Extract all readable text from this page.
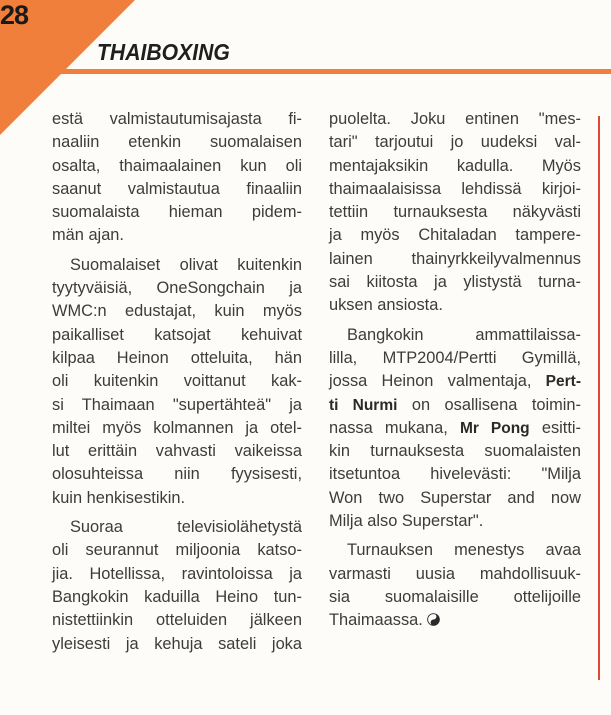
28
THAIBOXING
estä valmistautumisajasta fi-
naaliin etenkin suomalaisen
osalta, thaimaalainen kun oli
saanut valmistautua finaaliin
suomalaista hieman pidem-
män ajan.
Suomalaiset olivat kuitenkin
tyytyväisiä, OneSongchain ja
WMC:n edustajat, kuin myös
paikalliset katsojat kehuivat
kilpaa Heinon otteluita, hän
oli kuitenkin voittanut kak-
si Thaimaan "supertähteä" ja
miltei myös kolmannen ja otel-
lut erittäin vahvasti vaikeissa
olosuhteissa niin fyysisesti,
kuin henkisestikin.
Suoraa televisiolähetystä
oli seurannut miljoonia katso-
jia. Hotellissa, ravintoloissa ja
Bangkokin kaduilla Heino tun-
nistettiinkin otteluiden jälkeen
yleisesti ja kehuja sateli joka
puolelta. Joku entinen "mes-
tari" tarjoutui jo uudeksi val-
mentajaksikin kadulla. Myös
thaimaalaisissa lehdissä kirjoi-
tettiin turnauksesta näkyvästi
ja myös Chitaladan tampere-
lainen thainyrkkeilyvalmennus
sai kiitosta ja ylistystä turna-
uksen ansiosta.
Bangkokin ammattilaissa-
lilla, MTP2004/Pertti Gymillä,
jossa Heinon valmentaja, Pert-
ti Nurmi on osallisena toimin-
nassa mukana, Mr Pong esitti-
kin turnauksesta suomalaisten
itsetuntoa hivelevästi: "Milja
Won two Superstar and now
Milja also Superstar".
Turnauksen menestys avaa
varmasti uusia mahdollisuuk-
sia suomalaisille ottelijoille
Thaimaassa.
